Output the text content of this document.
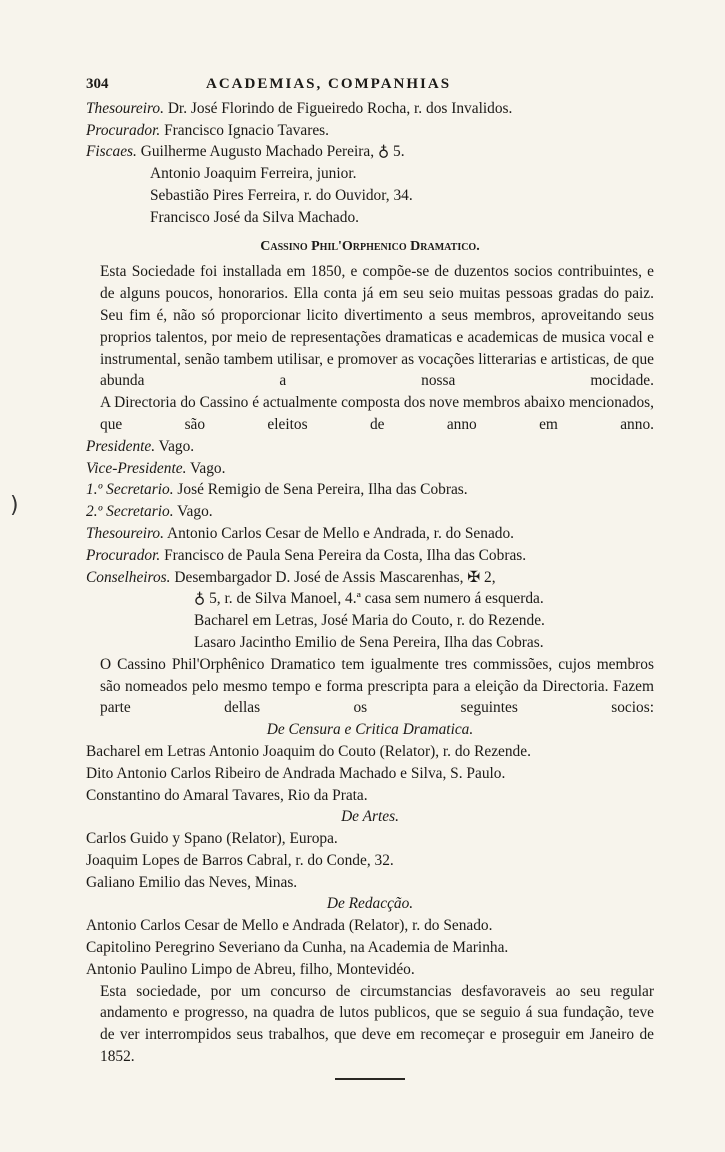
)
304	ACADEMIAS, COMPANHIAS
Thesoureiro. Dr. José Florindo de Figueiredo Rocha, r. dos Invalidos.
Procurador. Francisco Ignacio Tavares.
Fiscaes. Guilherme Augusto Machado Pereira, ♁ 5.
Antonio Joaquim Ferreira, junior.
Sebastião Pires Ferreira, r. do Ouvidor, 34.
Francisco José da Silva Machado.
Cassino Phil'Orphenico Dramatico.

Esta Sociedade foi installada em 1850, e compõe-se de duzentos socios contribuintes, e de alguns poucos, honorarios. Ella conta já em seu seio muitas pessoas gradas do paiz. Seu fim é, não só proporcionar licito divertimento a seus membros, aproveitando seus proprios talentos, por meio de representações dramaticas e academicas de musica vocal e instrumental, senão tambem utilisar, e promover as vocações litterarias e artisticas, de que abunda a nossa mocidade.

A Directoria do Cassino é actualmente composta dos nove membros abaixo mencionados, que são eleitos de anno em anno.

Presidente. Vago.
Vice-Presidente. Vago.
1.º Secretario. José Remigio de Sena Pereira, Ilha das Cobras.
2.º Secretario. Vago.
Thesoureiro. Antonio Carlos Cesar de Mello e Andrada, r. do Senado.
Procurador. Francisco de Paula Sena Pereira da Costa, Ilha das Cobras.
Conselheiros. Desembargador D. José de Assis Mascarenhas, ✠ 2,
♁ 5, r. de Silva Manoel, 4.ª casa sem numero á esquerda.
Bacharel em Letras, José Maria do Couto, r. do Rezende.
Lasaro Jacintho Emilio de Sena Pereira, Ilha das Cobras.

O Cassino Phil'Orphênico Dramatico tem igualmente tres commissões, cujos membros são nomeados pelo mesmo tempo e forma prescripta para a eleição da Directoria. Fazem parte dellas os seguintes socios:

De Censura e Critica Dramatica.
Bacharel em Letras Antonio Joaquim do Couto (Relator), r. do Rezende.
Dito Antonio Carlos Ribeiro de Andrada Machado e Silva, S. Paulo.
Constantino do Amaral Tavares, Rio da Prata.
De Artes.
Carlos Guido y Spano (Relator), Europa.
Joaquim Lopes de Barros Cabral, r. do Conde, 32.
Galiano Emilio das Neves, Minas.
De Redacção.
Antonio Carlos Cesar de Mello e Andrada (Relator), r. do Senado.
Capitolino Peregrino Severiano da Cunha, na Academia de Marinha.
Antonio Paulino Limpo de Abreu, filho, Montevidéo.

Esta sociedade, por um concurso de circumstancias desfavoraveis ao seu regular andamento e progresso, na quadra de lutos publicos, que se seguio á sua fundação, teve de ver interrompidos seus trabalhos, que deve em recomeçar e proseguir em Janeiro de 1852.
